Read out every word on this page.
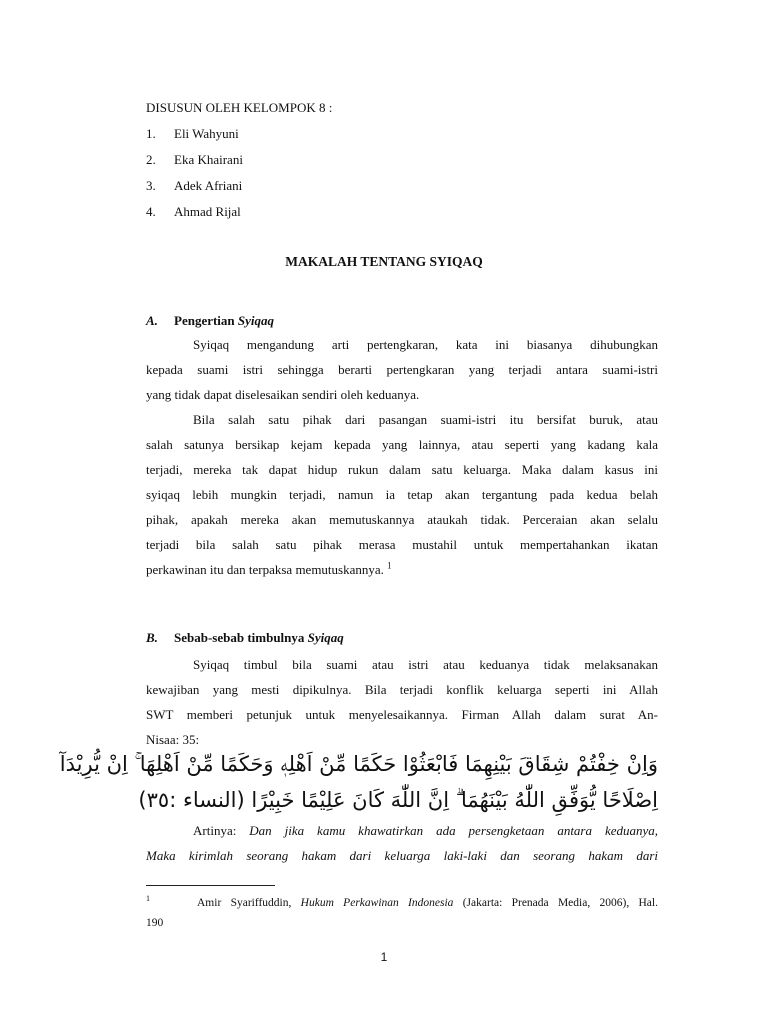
DISUSUN OLEH KELOMPOK 8 :
1. Eli Wahyuni
2. Eka Khairani
3. Adek Afriani
4. Ahmad Rijal
MAKALAH TENTANG SYIQAQ
A. Pengertian Syiqaq
Syiqaq mengandung arti pertengkaran, kata ini biasanya dihubungkan
kepada suami istri sehingga berarti pertengkaran yang terjadi antara suami-istri
yang tidak dapat diselesaikan sendiri oleh keduanya.
Bila salah satu pihak dari pasangan suami-istri itu bersifat buruk, atau
salah satunya bersikap kejam kepada yang lainnya, atau seperti yang kadang kala
terjadi, mereka tak dapat hidup rukun dalam satu keluarga. Maka dalam kasus ini
syiqaq lebih mungkin terjadi, namun ia tetap akan tergantung pada kedua belah
pihak, apakah mereka akan memutuskannya ataukah tidak. Perceraian akan selalu
terjadi bila salah satu pihak merasa mustahil untuk mempertahankan ikatan
perkawinan itu dan terpaksa memutuskannya. $^1$
B. Sebab-sebab timbulnya Syiqaq
Syiqaq timbul bila suami atau istri atau keduanya tidak melaksanakan
kewajiban yang mesti dipikulnya. Bila terjadi konflik keluarga seperti ini Allah
SWT memberi petunjuk untuk menyelesaikannya. Firman Allah dalam surat An-
Nisaa: 35:
وَاِنْ خِفْتُمْ شِقَاقَ بَيْنِهِمَا فَابْعَثُوْا حَكَمًا مِّنْ اَهْلِهٖ وَحَكَمًا مِّنْ اَهْلِهَا ۚ اِنْ يُّرِيْدَآ
اِصْلَاحًا يُّوَفِّقِ اللّٰهُ بَيْنَهُمَا ۗ اِنَّ اللّٰهَ كَانَ عَلِيْمًا خَبِيْرًا (النساء :٣٥)
Artinya: Dan jika kamu khawatirkan ada persengketaan antara keduanya,
Maka kirimlah seorang hakam dari keluarga laki-laki dan seorang hakam dari
1	Amir Syariffuddin, Hukum Perkawinan Indonesia (Jakarta: Prenada Media, 2006), Hal.
190
1
